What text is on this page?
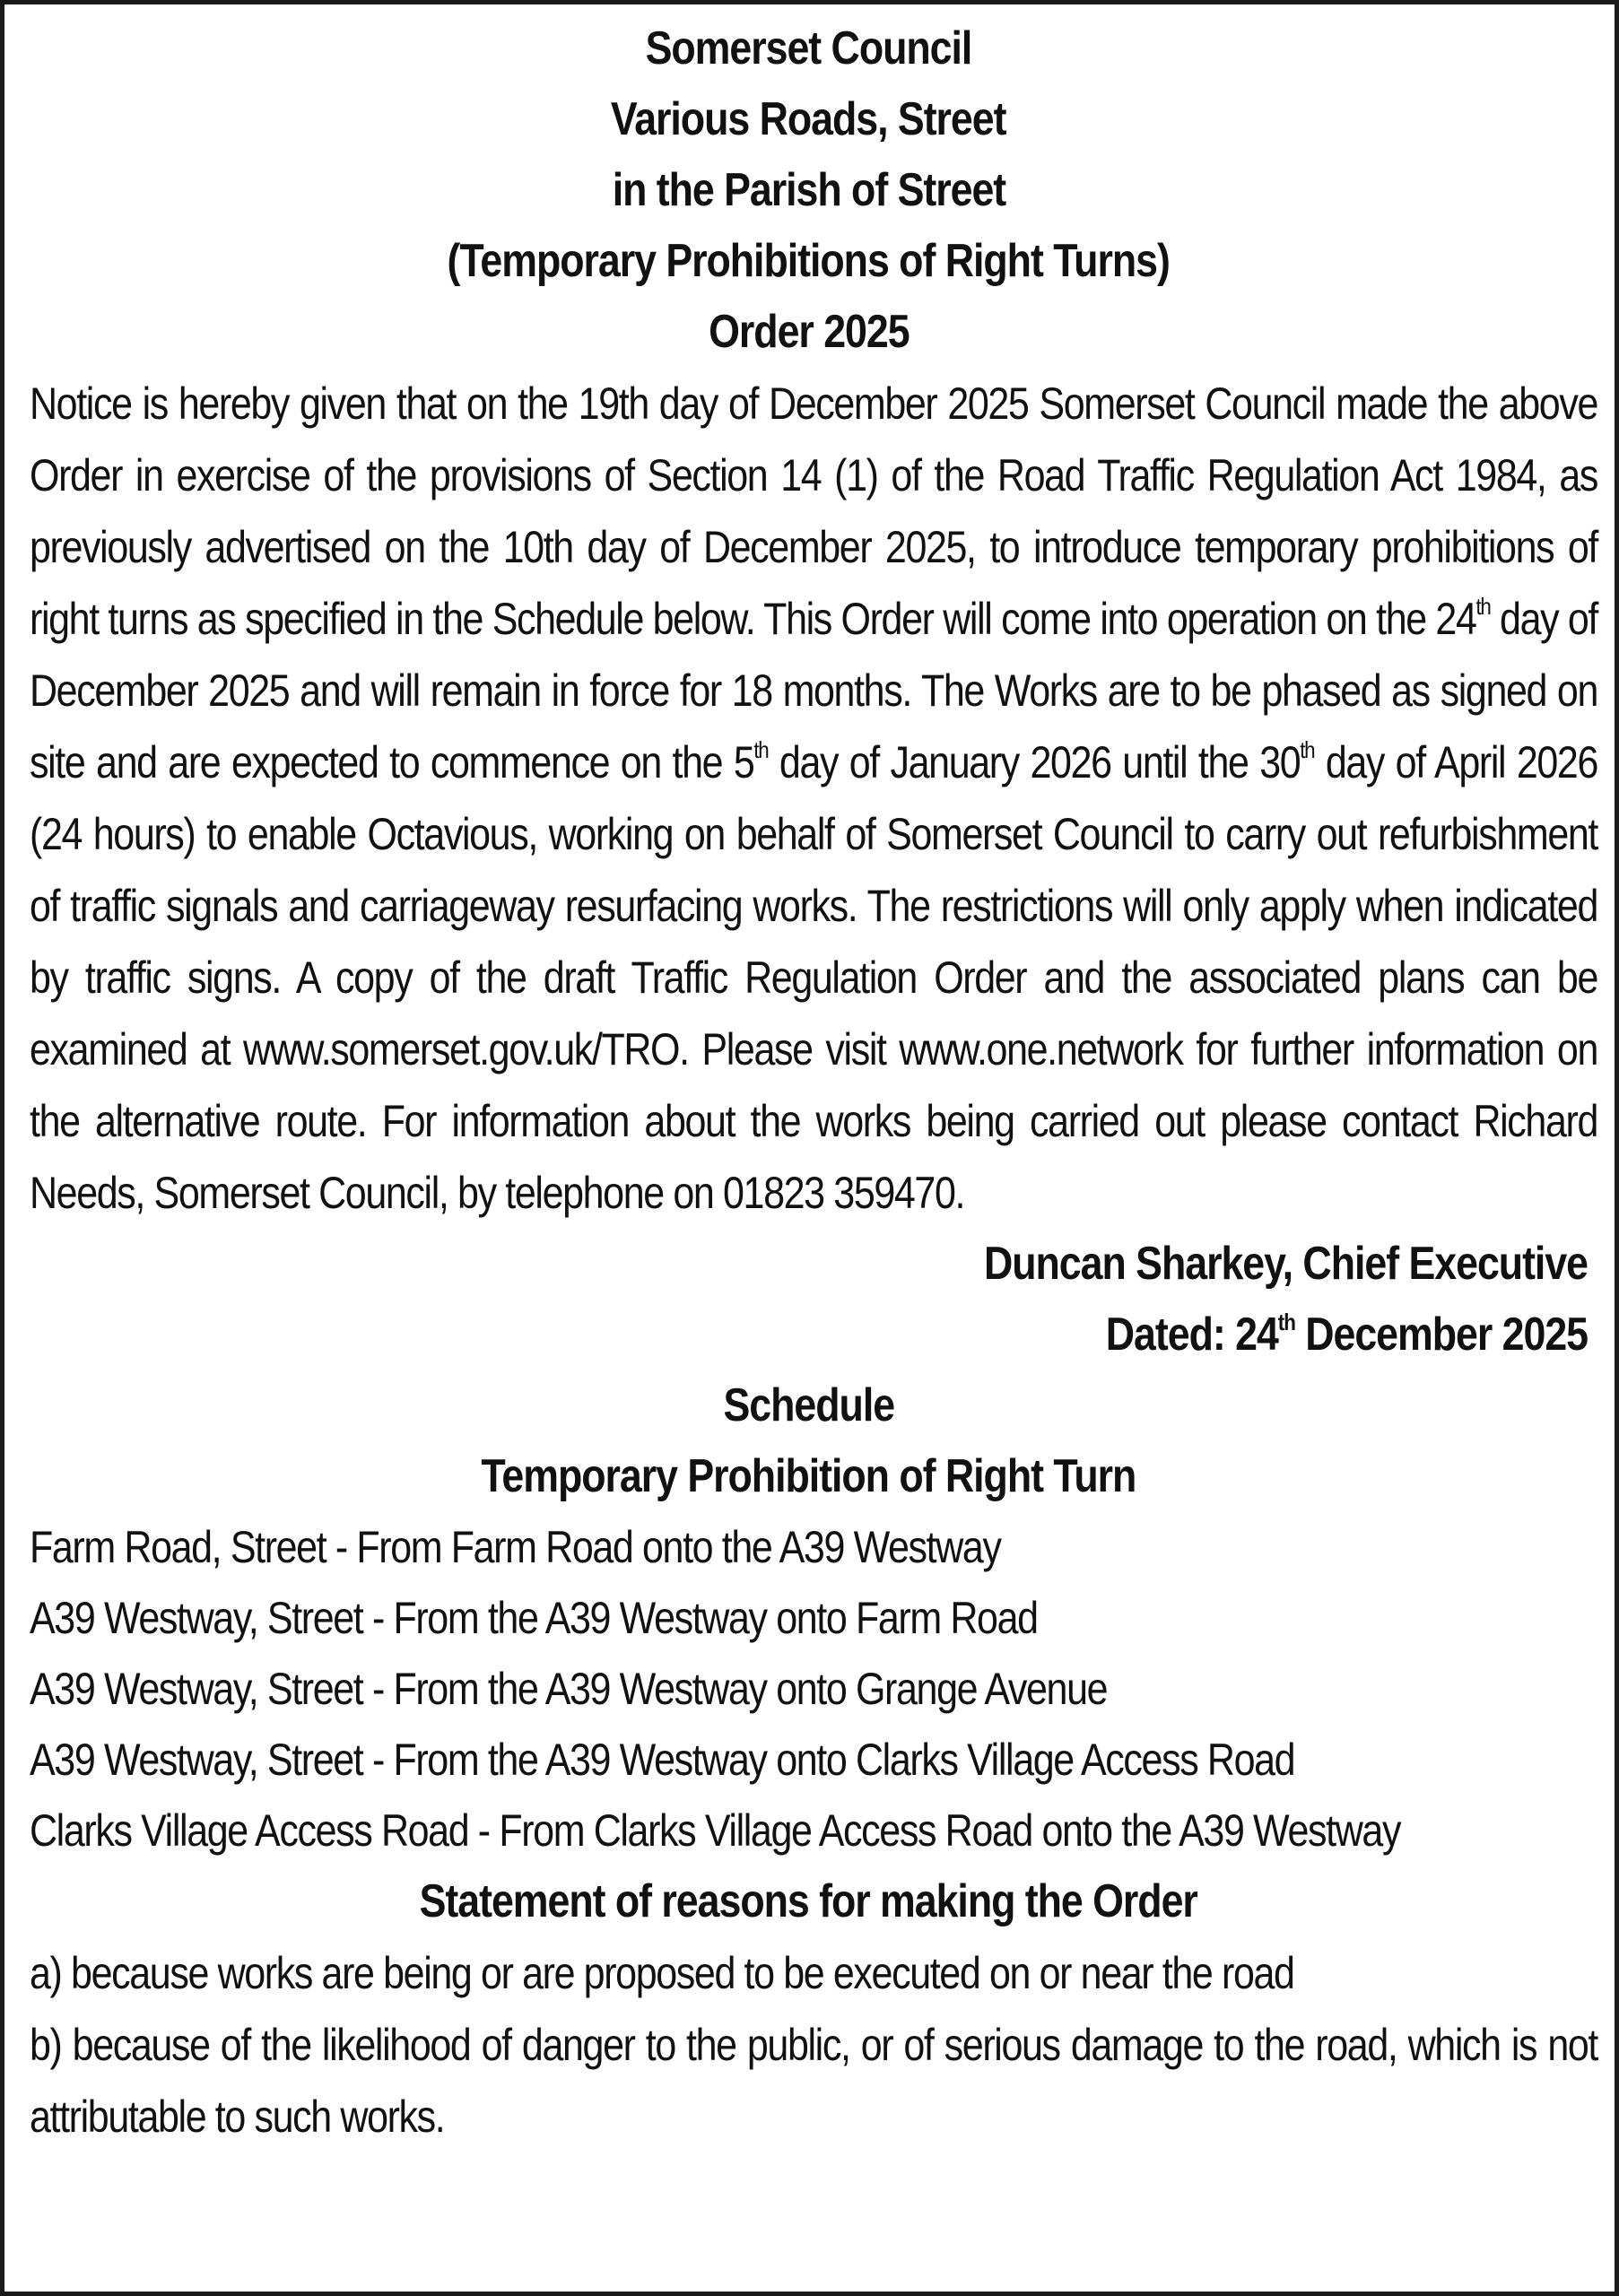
Somerset Council
Various Roads, Street
in the Parish of Street
(Temporary Prohibitions of Right Turns)
Order 2025

Notice is hereby given that on the 19th day of December 2025 Somerset Council made the above Order in exercise of the provisions of Section 14 (1) of the Road Traffic Regulation Act 1984, as previously advertised on the 10th day of December 2025, to introduce temporary prohibitions of right turns as specified in the Schedule below. This Order will come into operation on the 24th day of December 2025 and will remain in force for 18 months. The Works are to be phased as signed on site and are expected to commence on the 5th day of January 2026 until the 30th day of April 2026 (24 hours) to enable Octavious, working on behalf of Somerset Council to carry out refurbishment of traffic signals and carriageway resurfacing works. The restrictions will only apply when indicated by traffic signs. A copy of the draft Traffic Regulation Order and the associated plans can be examined at www.somerset.gov.uk/TRO. Please visit www.one.network for further information on the alternative route. For information about the works being carried out please contact Richard Needs, Somerset Council, by telephone on 01823 359470.

Duncan Sharkey, Chief Executive
Dated: 24th December 2025
Schedule
Temporary Prohibition of Right Turn
Farm Road, Street - From Farm Road onto the A39 Westway
A39 Westway, Street - From the A39 Westway onto Farm Road
A39 Westway, Street - From the A39 Westway onto Grange Avenue
A39 Westway, Street - From the A39 Westway onto Clarks Village Access Road
Clarks Village Access Road - From Clarks Village Access Road onto the A39 Westway
Statement of reasons for making the Order

a) because works are being or are proposed to be executed on or near the road

b) because of the likelihood of danger to the public, or of serious damage to the road, which is not attributable to such works.
